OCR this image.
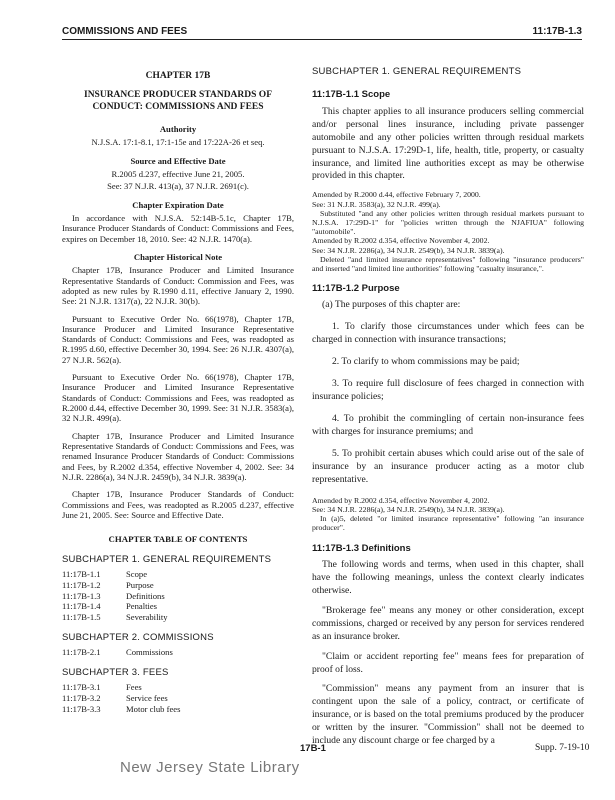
COMMISSIONS AND FEES	11:17B-1.3
CHAPTER 17B
INSURANCE PRODUCER STANDARDS OF
CONDUCT: COMMISSIONS AND FEES
Authority
N.J.S.A. 17:1-8.1, 17:1-15e and 17:22A-26 et seq.
Source and Effective Date
R.2005 d.237, effective June 21, 2005.
See: 37 N.J.R. 413(a), 37 N.J.R. 2691(c).
Chapter Expiration Date

In accordance with N.J.S.A. 52:14B-5.1c, Chapter 17B, Insurance Producer Standards of Conduct: Commissions and Fees, expires on December 18, 2010. See: 42 N.J.R. 1470(a).

Chapter Historical Note

Chapter 17B, Insurance Producer and Limited Insurance Representative Standards of Conduct: Commission and Fees, was adopted as new rules by R.1990 d.11, effective January 2, 1990. See: 21 N.J.R. 1317(a), 22 N.J.R. 30(b).

Pursuant to Executive Order No. 66(1978), Chapter 17B, Insurance Producer and Limited Insurance Representative Standards of Conduct: Commissions and Fees, was readopted as R.1995 d.60, effective December 30, 1994. See: 26 N.J.R. 4307(a), 27 N.J.R. 562(a).

Pursuant to Executive Order No. 66(1978), Chapter 17B, Insurance Producer and Limited Insurance Representative Standards of Conduct: Commissions and Fees, was readopted as R.2000 d.44, effective December 30, 1999. See: 31 N.J.R. 3583(a), 32 N.J.R. 499(a).

Chapter 17B, Insurance Producer and Limited Insurance Representative Standards of Conduct: Commissions and Fees, was renamed Insurance Producer Standards of Conduct: Commissions and Fees, by R.2002 d.354, effective November 4, 2002. See: 34 N.J.R. 2286(a), 34 N.J.R. 2459(b), 34 N.J.R. 3839(a).

Chapter 17B, Insurance Producer Standards of Conduct: Commissions and Fees, was readopted as R.2005 d.237, effective June 21, 2005. See: Source and Effective Date.

CHAPTER TABLE OF CONTENTS
SUBCHAPTER 1. GENERAL REQUIREMENTS
11:17B-1.1	Scope
11:17B-1.2	Purpose
11:17B-1.3	Definitions
11:17B-1.4	Penalties
11:17B-1.5	Severability
SUBCHAPTER 2. COMMISSIONS
11:17B-2.1	Commissions
SUBCHAPTER 3. FEES
11:17B-3.1	Fees
11:17B-3.2	Service fees
11:17B-3.3	Motor club fees
SUBCHAPTER 1. GENERAL REQUIREMENTS
11:17B-1.1 Scope

This chapter applies to all insurance producers selling commercial and/or personal lines insurance, including private passenger automobile and any other policies written through residual markets pursuant to N.J.S.A. 17:29D-1, life, health, title, property, or casualty insurance, and limited line authorities except as may be otherwise provided in this chapter.

Amended by R.2000 d.44, effective February 7, 2000.
See: 31 N.J.R. 3583(a), 32 N.J.R. 499(a).
Substituted "and any other policies written through residual markets pursuant to N.J.S.A. 17:29D-1" for "policies written through the NJAFIUA" following "automobile".
Amended by R.2002 d.354, effective November 4, 2002.
See: 34 N.J.R. 2286(a), 34 N.J.R. 2549(b), 34 N.J.R. 3839(a).
Deleted "and limited insurance representatives" following "insurance producers" and inserted "and limited line authorities" following "casualty insurance,".
11:17B-1.2 Purpose

(a) The purposes of this chapter are:

1. To clarify those circumstances under which fees can be charged in connection with insurance transactions;

2. To clarify to whom commissions may be paid;

3. To require full disclosure of fees charged in connection with insurance policies;

4. To prohibit the commingling of certain non-insurance fees with charges for insurance premiums; and

5. To prohibit certain abuses which could arise out of the sale of insurance by an insurance producer acting as a motor club representative.

Amended by R.2002 d.354, effective November 4, 2002.
See: 34 N.J.R. 2286(a), 34 N.J.R. 2549(b), 34 N.J.R. 3839(a).
In (a)5, deleted "or limited insurance representative" following "an insurance producer".
11:17B-1.3 Definitions

The following words and terms, when used in this chapter, shall have the following meanings, unless the context clearly indicates otherwise.

"Brokerage fee" means any money or other consideration, except commissions, charged or received by any person for services rendered as an insurance broker.

"Claim or accident reporting fee" means fees for preparation of proof of loss.

"Commission" means any payment from an insurer that is contingent upon the sale of a policy, contract, or certificate of insurance, or is based on the total premiums produced by the producer or written by the insurer. "Commission" shall not be deemed to include any discount charge or fee charged by a

17B-1	Supp. 7-19-10
New Jersey State Library
